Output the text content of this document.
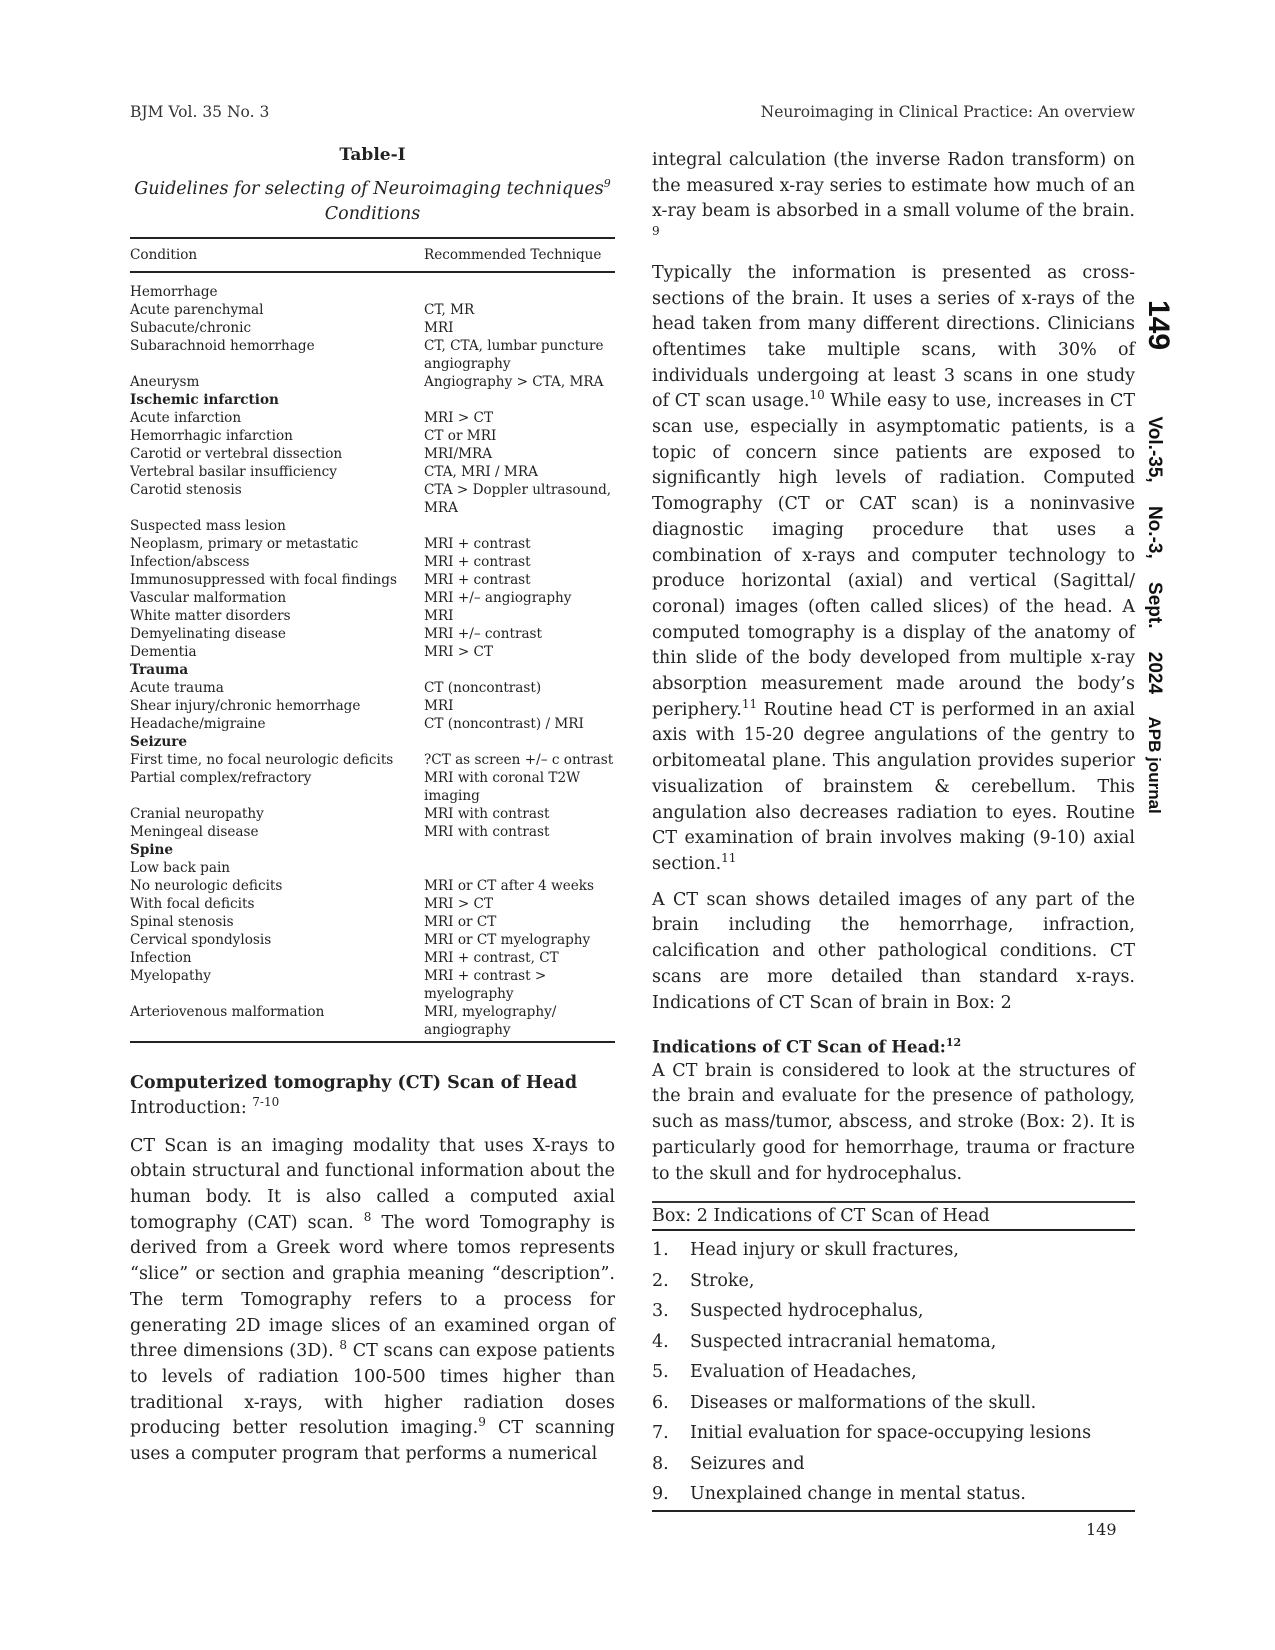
BJM Vol. 35 No. 3	Neuroimaging in Clinical Practice: An overview
149 Vol.-35, No.-3, Sept. 2024 APB journal
Table-I
Guidelines for selecting of Neuroimaging techniques$^9$
Conditions
Condition	Recommended Technique
Hemorrhage	
Acute parenchymal	CT, MR
Subacute/chronic	MRI
Subarachnoid hemorrhage	CT, CTA, lumbar puncture angiography
Aneurysm	Angiography > CTA, MRA
Ischemic infarction	
Acute infarction	MRI > CT
Hemorrhagic infarction	CT or MRI
Carotid or vertebral dissection	MRI/MRA
Vertebral basilar insufficiency	CTA, MRI / MRA
Carotid stenosis	CTA > Doppler ultrasound, MRA
Suspected mass lesion	
Neoplasm, primary or metastatic	MRI + contrast
Infection/abscess	MRI + contrast
Immunosuppressed with focal findings	MRI + contrast
Vascular malformation	MRI +/– angiography
White matter disorders	MRI
Demyelinating disease	MRI +/– contrast
Dementia	MRI > CT
Trauma	
Acute trauma	CT (noncontrast)
Shear injury/chronic hemorrhage	MRI
Headache/migraine	CT (noncontrast) / MRI
Seizure	
First time, no focal neurologic deficits	?CT as screen +/– c ontrast
Partial complex/refractory	MRI with coronal T2W imaging
Cranial neuropathy	MRI with contrast
Meningeal disease	MRI with contrast
Spine	
Low back pain	
No neurologic deficits	MRI or CT after 4 weeks
With focal deficits	MRI > CT
Spinal stenosis	MRI or CT
Cervical spondylosis	MRI or CT myelography
Infection	MRI + contrast, CT
Myelopathy	MRI + contrast > myelography
Arteriovenous malformation	MRI, myelography/ angiography
Computerized tomography (CT) Scan of Head
Introduction: $^{7-10}$

CT Scan is an imaging modality that uses X-rays to obtain structural and functional information about the human body. It is also called a computed axial tomography (CAT) scan. $^8$ The word Tomography is derived from a Greek word where tomos represents “slice” or section and graphia meaning “description”. The term Tomography refers to a process for generating 2D image slices of an examined organ of three dimensions (3D). $^8$ CT scans can expose patients to levels of radiation 100-500 times higher than traditional x-rays, with higher radiation doses producing better resolution imaging.$^9$ CT scanning uses a computer program that performs a numerical

integral calculation (the inverse Radon transform) on the measured x-ray series to estimate how much of an x-ray beam is absorbed in a small volume of the brain. $^9$

Typically the information is presented as cross-sections of the brain. It uses a series of x-rays of the head taken from many different directions. Clinicians oftentimes take multiple scans, with 30% of individuals undergoing at least 3 scans in one study of CT scan usage.$^{10}$ While easy to use, increases in CT scan use, especially in asymptomatic patients, is a topic of concern since patients are exposed to significantly high levels of radiation. Computed Tomography (CT or CAT scan) is a noninvasive diagnostic imaging procedure that uses a combination of x-rays and computer technology to produce horizontal (axial) and vertical (Sagittal/ coronal) images (often called slices) of the head. A computed tomography is a display of the anatomy of thin slide of the body developed from multiple x-ray absorption measurement made around the body’s periphery.$^{11}$ Routine head CT is performed in an axial axis with 15-20 degree angulations of the gentry to orbitomeatal plane. This angulation provides superior visualization of brainstem & cerebellum. This angulation also decreases radiation to eyes. Routine CT examination of brain involves making (9-10) axial section.$^{11}$

A CT scan shows detailed images of any part of the brain including the hemorrhage, infraction, calcification and other pathological conditions. CT scans are more detailed than standard x-rays. Indications of CT Scan of brain in Box: 2

Indications of CT Scan of Head:$^{12}$

A CT brain is considered to look at the structures of the brain and evaluate for the presence of pathology, such as mass/tumor, abscess, and stroke (Box: 2). It is particularly good for hemorrhage, trauma or fracture to the skull and for hydrocephalus.

Box: 2 Indications of CT Scan of Head
1.	Head injury or skull fractures,
2.	Stroke,
3.	Suspected hydrocephalus,
4.	Suspected intracranial hematoma,
5.	Evaluation of Headaches,
6.	Diseases or malformations of the skull.
7.	Initial evaluation for space-occupying lesions
8.	Seizures and
9.	Unexplained change in mental status.
149
